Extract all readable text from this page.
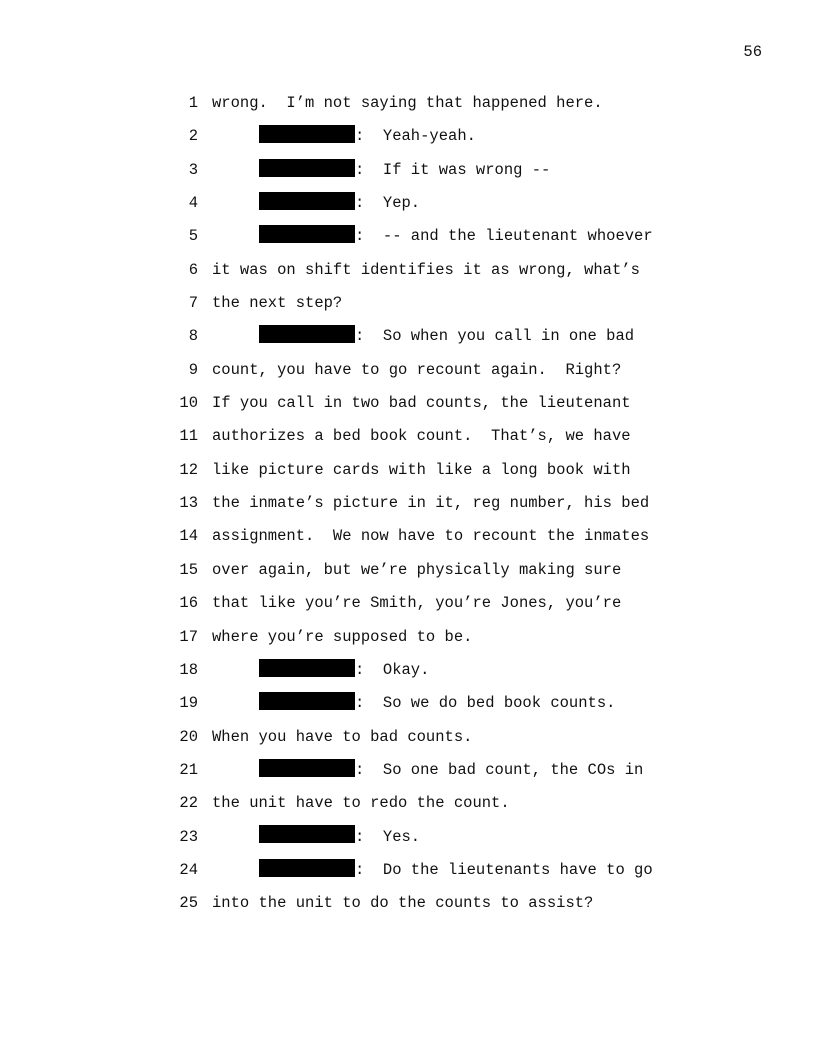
56
1 wrong.  I’m not saying that happened here.
2	:  Yeah-yeah.
3	:  If it was wrong --
4	:  Yep.
5	:  -- and the lieutenant whoever
6 it was on shift identifies it as wrong, what’s
7 the next step?
8	:  So when you call in one bad
9 count, you have to go recount again.  Right?
10 If you call in two bad counts, the lieutenant
11 authorizes a bed book count.  That’s, we have
12 like picture cards with like a long book with
13 the inmate’s picture in it, reg number, his bed
14 assignment.  We now have to recount the inmates
15 over again, but we’re physically making sure
16 that like you’re Smith, you’re Jones, you’re
17 where you’re supposed to be.
18	:  Okay.
19	:  So we do bed book counts.
20 When you have to bad counts.
21	:  So one bad count, the COs in
22 the unit have to redo the count.
23	:  Yes.
24	:  Do the lieutenants have to go
25 into the unit to do the counts to assist?
